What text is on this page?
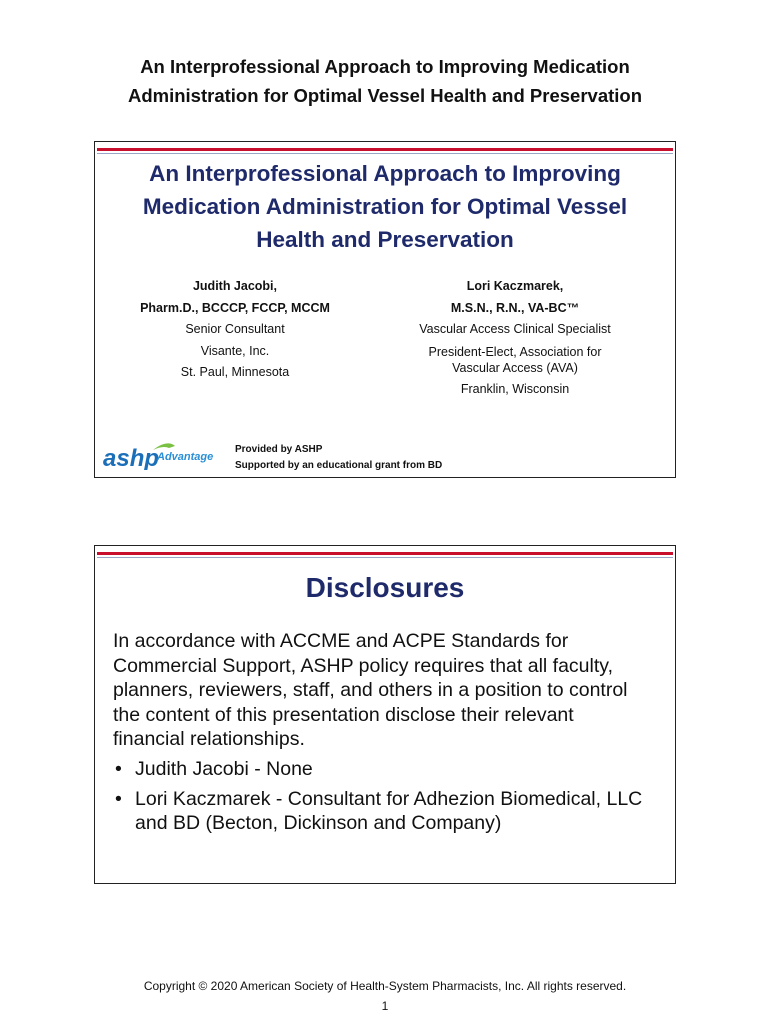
An Interprofessional Approach to Improving Medication
Administration for Optimal Vessel Health and Preservation
An Interprofessional Approach to Improving
Medication Administration for Optimal Vessel
Health and Preservation
Judith Jacobi,
Pharm.D., BCCCP, FCCP, MCCM
Senior Consultant
Visante, Inc.
St. Paul, Minnesota
Lori Kaczmarek,
M.S.N., R.N., VA-BC™
Vascular Access Clinical Specialist
President-Elect, Association for
Vascular Access (AVA)
Franklin, Wisconsin
ashp
Advantage
Provided by ASHP
Supported by an educational grant from BD
Disclosures
In accordance with ACCME and ACPE Standards for
Commercial Support, ASHP policy requires that all faculty,
planners, reviewers, staff, and others in a position to control
the content of this presentation disclose their relevant
financial relationships.
• Judith Jacobi - None
• Lori Kaczmarek - Consultant for Adhezion Biomedical, LLC
and BD (Becton, Dickinson and Company)
Copyright © 2020 American Society of Health-System Pharmacists, Inc. All rights reserved.
1
